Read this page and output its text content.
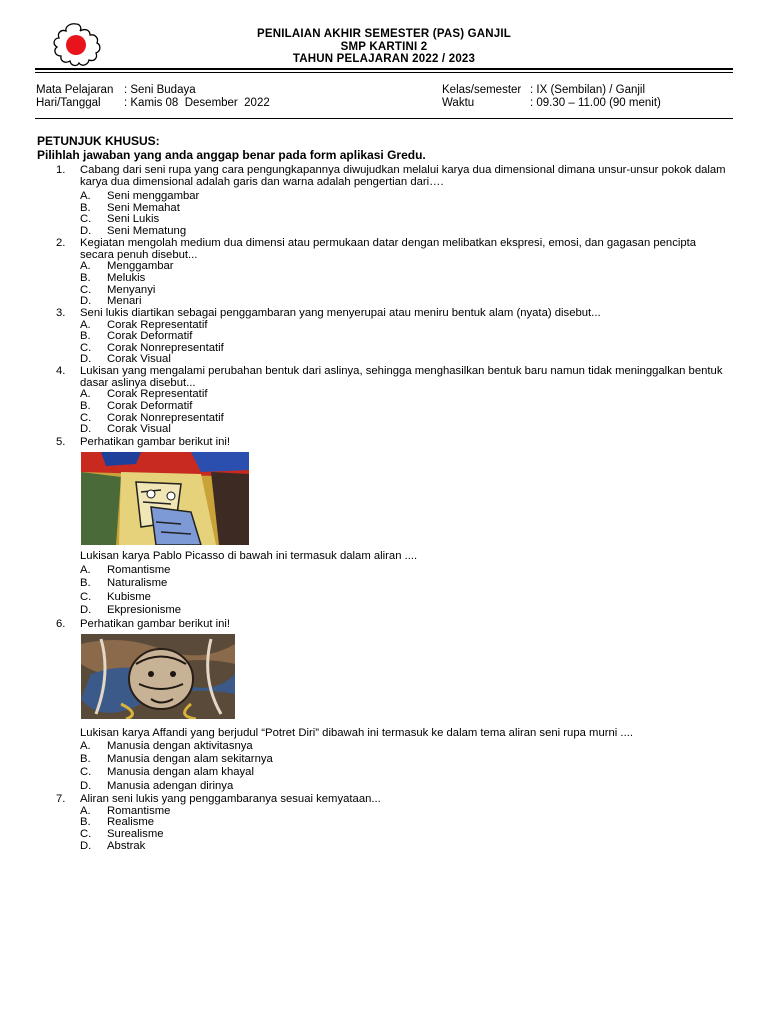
PENILAIAN AKHIR SEMESTER (PAS) GANJIL
SMP KARTINI 2
TAHUN PELAJARAN 2022 / 2023
Mata Pelajaran : Seni Budaya
Hari/Tanggal : Kamis 08  Desember  2022
Kelas/semester : IX (Sembilan) / Ganjil
Waktu	: 09.30 – 11.00 (90 menit)
PETUNJUK KHUSUS:
Pilihlah jawaban yang anda anggap benar pada form aplikasi Gredu.
1. Cabang dari seni rupa yang cara pengungkapannya diwujudkan melalui karya dua dimensional dimana unsur-unsur pokok dalam karya dua dimensional adalah garis dan warna adalah pengertian dari….
A. Seni menggambar
B. Seni Memahat
C. Seni Lukis
D. Seni Mematung
2. Kegiatan mengolah medium dua dimensi atau permukaan datar dengan melibatkan ekspresi, emosi, dan gagasan pencipta secara penuh disebut...
A. Menggambar
B. Melukis
C. Menyanyi
D. Menari
3. Seni lukis diartikan sebagai penggambaran yang menyerupai atau meniru bentuk alam (nyata) disebut...
A. Corak Representatif
B. Corak Deformatif
C. Corak Nonrepresentatif
D. Corak Visual
4. Lukisan yang mengalami perubahan bentuk dari aslinya, sehingga menghasilkan bentuk baru namun tidak meninggalkan bentuk dasar aslinya disebut...
A. Corak Representatif
B. Corak Deformatif
C. Corak Nonrepresentatif
D. Corak Visual
5. Perhatikan gambar berikut ini!
Lukisan karya Pablo Picasso di bawah ini termasuk dalam aliran ....
A. Romantisme
B. Naturalisme
C. Kubisme
D. Ekpresionisme
6. Perhatikan gambar berikut ini!
Lukisan karya Affandi yang berjudul “Potret Diri” dibawah ini termasuk ke dalam tema aliran seni rupa murni ....
A. Manusia dengan aktivitasnya
B. Manusia dengan alam sekitarnya
C. Manusia dengan alam khayal
D. Manusia adengan dirinya
7. Aliran seni lukis yang penggambaranya sesuai kemyataan...
A. Romantisme
B. Realisme
C. Surealisme
D. Abstrak
